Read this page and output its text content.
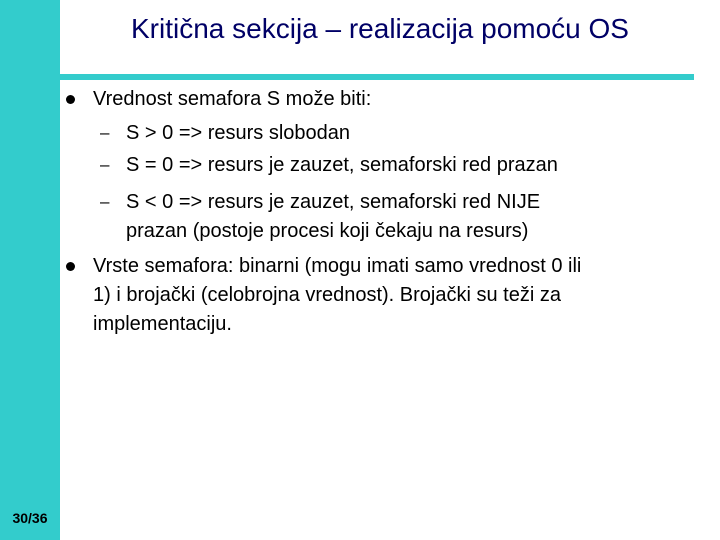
Kritična sekcija – realizacija pomoću OS
Vrednost semafora S može biti:
– S > 0 => resurs slobodan
– S = 0 => resurs je zauzet, semaforski red prazan
– S < 0 => resurs je zauzet, semaforski red NIJE
prazan (postoje procesi koji čekaju na resurs)
Vrste semafora: binarni (mogu imati samo vrednost 0 ili
1) i brojački (celobrojna vrednost). Brojački su teži za
implementaciju.
30/36
